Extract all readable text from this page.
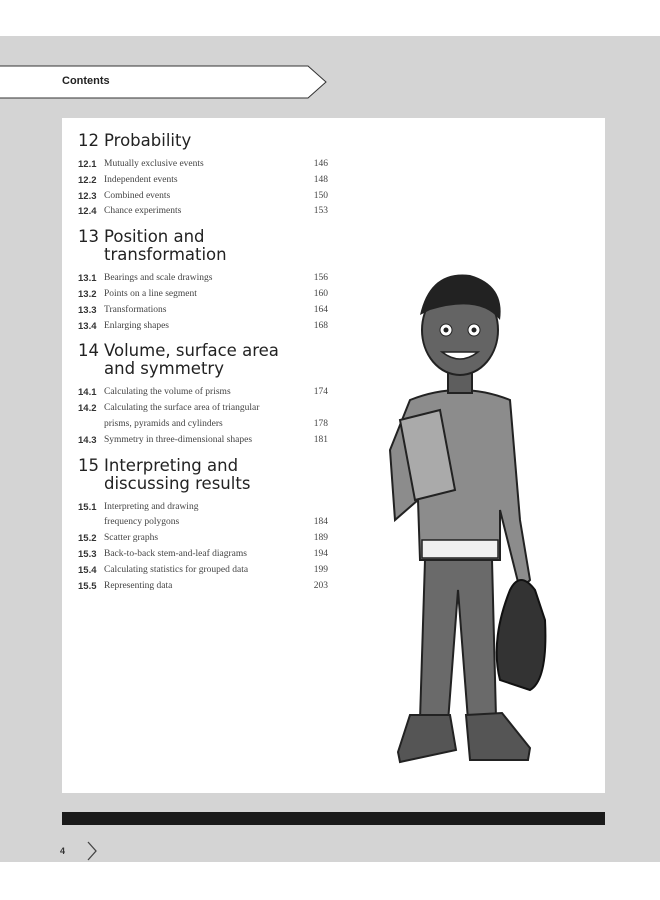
Contents
12 Probability
12.1 Mutually exclusive events	146
12.2 Independent events	148
12.3 Combined events	150
12.4 Chance experiments	153
13 Position and
transformation
13.1 Bearings and scale drawings	156
13.2 Points on a line segment	160
13.3 Transformations	164
13.4 Enlarging shapes	168
14 Volume, surface area
and symmetry
14.1 Calculating the volume of prisms	174
14.2 Calculating the surface area of triangular
prisms, pyramids and cylinders	178
14.3 Symmetry in three-dimensional shapes	181
15 Interpreting and
discussing results
15.1 Interpreting and drawing
frequency polygons	184
15.2 Scatter graphs	189
15.3 Back-to-back stem-and-leaf diagrams	194
15.4 Calculating statistics for grouped data	199
15.5 Representing data	203
4
